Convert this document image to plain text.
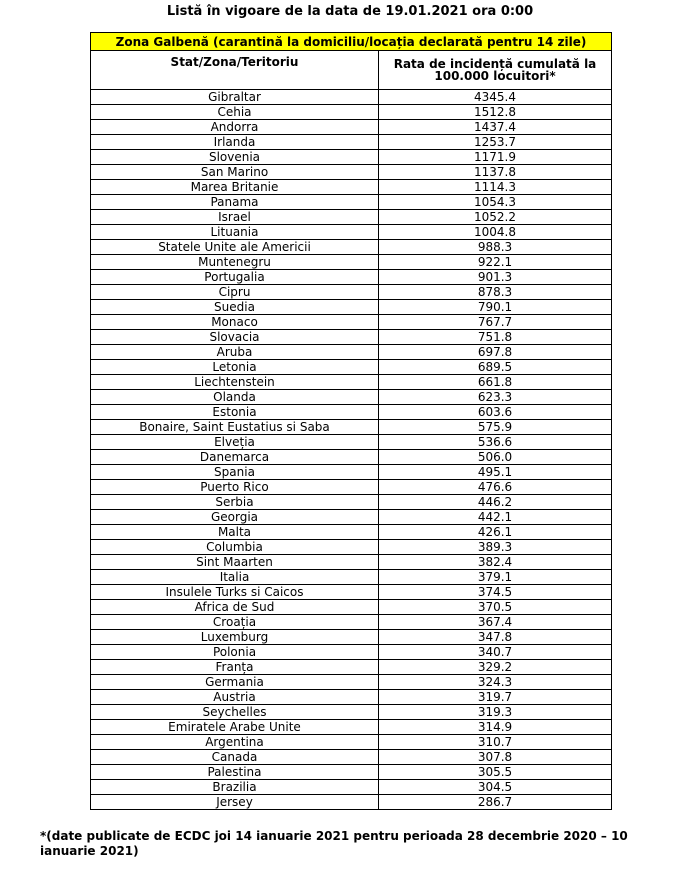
Listă în vigoare de la data de 19.01.2021 ora 0:00
Zona Galbenă (carantină la domiciliu/locația declarată pentru 14 zile)	
Stat/Zona/Teritoriu	Rata de incidență cumulată la 100.000 locuitori*
Gibraltar	4345.4
Cehia	1512.8
Andorra	1437.4
Irlanda	1253.7
Slovenia	1171.9
San Marino	1137.8
Marea Britanie	1114.3
Panama	1054.3
Israel	1052.2
Lituania	1004.8
Statele Unite ale Americii	988.3
Muntenegru	922.1
Portugalia	901.3
Cipru	878.3
Suedia	790.1
Monaco	767.7
Slovacia	751.8
Aruba	697.8
Letonia	689.5
Liechtenstein	661.8
Olanda	623.3
Estonia	603.6
Bonaire, Saint Eustatius si Saba	575.9
Elveția	536.6
Danemarca	506.0
Spania	495.1
Puerto Rico	476.6
Serbia	446.2
Georgia	442.1
Malta	426.1
Columbia	389.3
Sint Maarten	382.4
Italia	379.1
Insulele Turks si Caicos	374.5
Africa de Sud	370.5
Croația	367.4
Luxemburg	347.8
Polonia	340.7
Franța	329.2
Germania	324.3
Austria	319.7
Seychelles	319.3
Emiratele Arabe Unite	314.9
Argentina	310.7
Canada	307.8
Palestina	305.5
Brazilia	304.5
Jersey	286.7
*(date publicate de ECDC joi 14 ianuarie 2021 pentru perioada 28 decembrie 2020 – 10 ianuarie 2021)
